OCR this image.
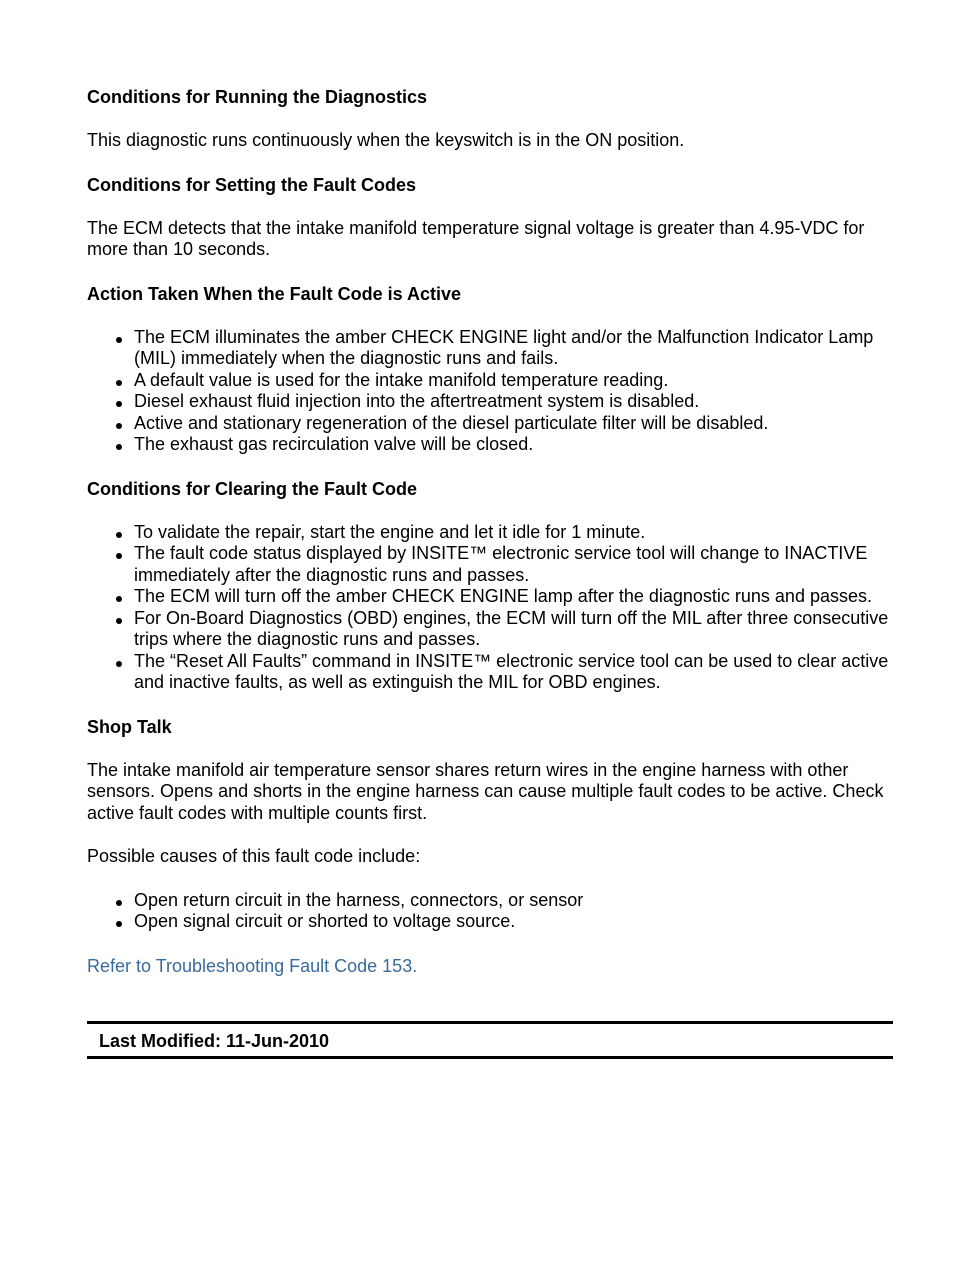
Conditions for Running the Diagnostics
This diagnostic runs continuously when the keyswitch is in the ON position.
Conditions for Setting the Fault Codes
The ECM detects that the intake manifold temperature signal voltage is greater than 4.95-VDC for more than 10 seconds.
Action Taken When the Fault Code is Active
The ECM illuminates the amber CHECK ENGINE light and/or the Malfunction Indicator Lamp (MIL) immediately when the diagnostic runs and fails.
A default value is used for the intake manifold temperature reading.
Diesel exhaust fluid injection into the aftertreatment system is disabled.
Active and stationary regeneration of the diesel particulate filter will be disabled.
The exhaust gas recirculation valve will be closed.
Conditions for Clearing the Fault Code
To validate the repair, start the engine and let it idle for 1 minute.
The fault code status displayed by INSITE™ electronic service tool will change to INACTIVE immediately after the diagnostic runs and passes.
The ECM will turn off the amber CHECK ENGINE lamp after the diagnostic runs and passes.
For On-Board Diagnostics (OBD) engines, the ECM will turn off the MIL after three consecutive trips where the diagnostic runs and passes.
The “Reset All Faults” command in INSITE™ electronic service tool can be used to clear active and inactive faults, as well as extinguish the MIL for OBD engines.
Shop Talk
The intake manifold air temperature sensor shares return wires in the engine harness with other sensors. Opens and shorts in the engine harness can cause multiple fault codes to be active. Check active fault codes with multiple counts first.
Possible causes of this fault code include:
Open return circuit in the harness, connectors, or sensor
Open signal circuit or shorted to voltage source.
Refer to Troubleshooting Fault Code 153.
Last Modified: 11-Jun-2010
